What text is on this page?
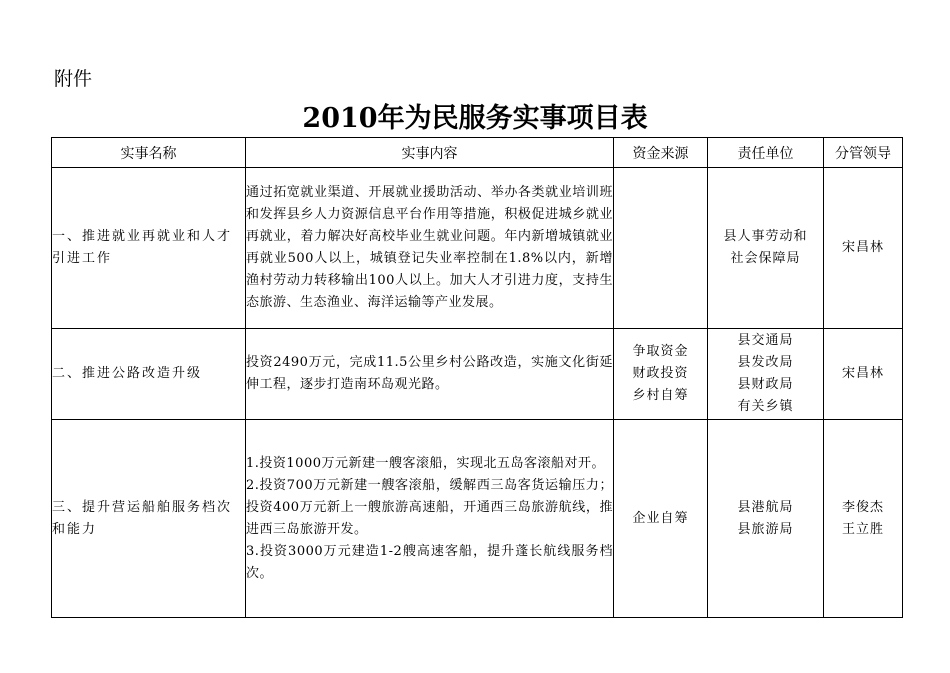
附件
2010年为民服务实事项目表
实事名称	实事内容	资金来源	责任单位	分管领导
一、推进就业再就业和人才引进工作	通过拓宽就业渠道、开展就业援助活动、举办各类就业培训班和发挥县乡人力资源信息平台作用等措施，积极促进城乡就业再就业，着力解决好高校毕业生就业问题。年内新增城镇就业再就业500人以上，城镇登记失业率控制在1.8%以内，新增渔村劳动力转移输出100人以上。加大人才引进力度，支持生态旅游、生态渔业、海洋运输等产业发展。		县人事劳动和
社会保障局	宋昌林

二、推进公路改造升级	投资2490万元，完成11.5公里乡村公路改造，实施文化街延伸工程，逐步打造南环岛观光路。	争取资金
财政投资
乡村自筹	县交通局
县发改局
县财政局
有关乡镇	宋昌林

三、提升营运船舶服务档次和能力	1.投资1000万元新建一艘客滚船，实现北五岛客滚船对开。
2.投资700万元新建一艘客滚船，缓解西三岛客货运输压力；投资400万元新上一艘旅游高速船，开通西三岛旅游航线，推进西三岛旅游开发。
3.投资3000万元建造1-2艘高速客船，提升蓬长航线服务档次。	企业自筹	县港航局
县旅游局	李俊杰
王立胜
